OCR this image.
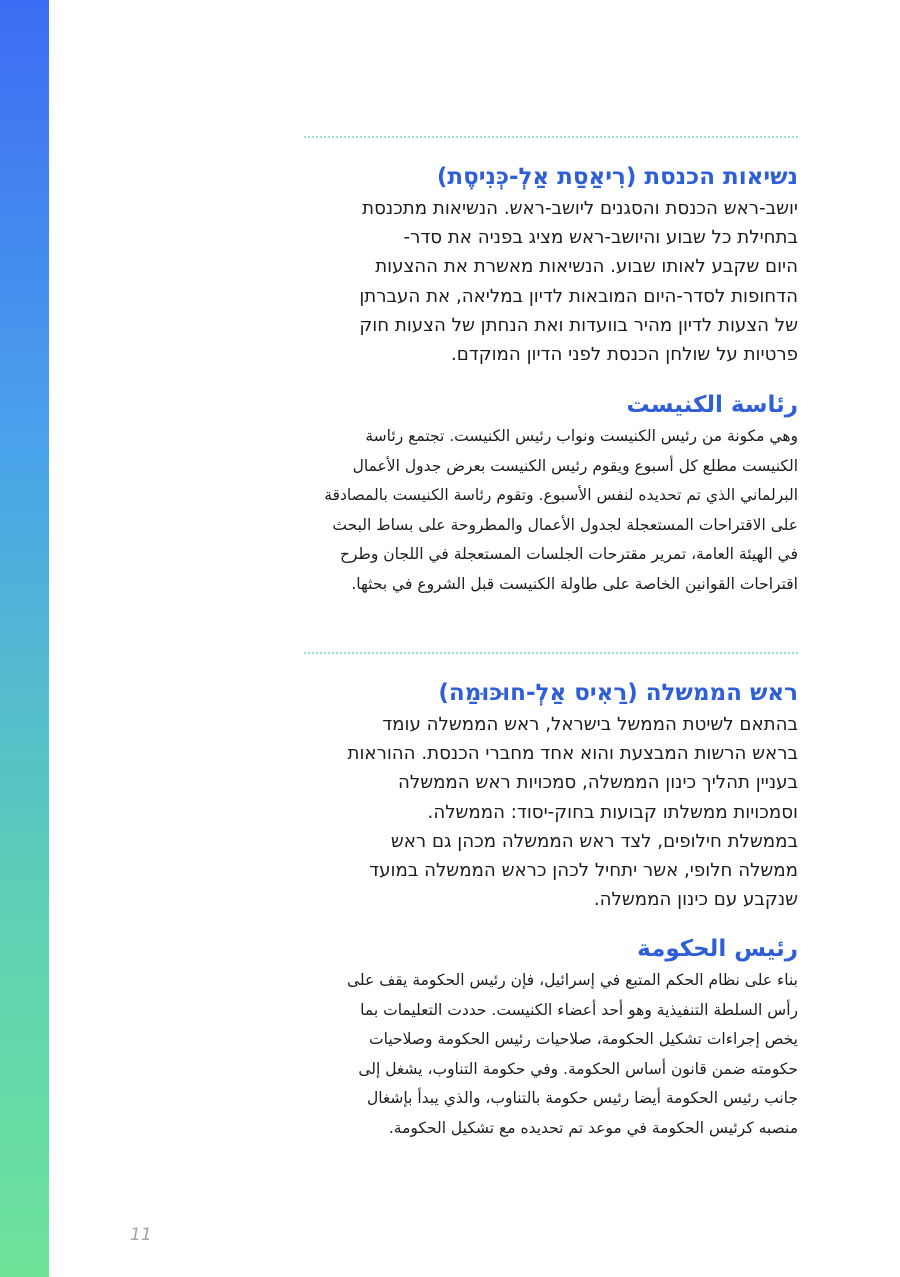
נשיאות הכנסת (רִיאַסַת אַלְ-כְּנִיסֶת)

יושב-ראש הכנסת והסגנים ליושב-ראש. הנשיאות מתכנסת
בתחילת כל שבוע והיושב-ראש מציג בפניה את סדר-
היום שקבע לאותו שבוע. הנשיאות מאשרת את ההצעות
הדחופות לסדר-היום המובאות לדיון במליאה, את העברתן
של הצעות לדיון מהיר בוועדות ואת הנחתן של הצעות חוק
פרטיות על שולחן הכנסת לפני הדיון המוקדם.

رئاسة الكنيست

وهي مكونة من رئيس الكنيست ونواب رئيس الكنيست. تجتمع رئاسة
الكنيست مطلع كل أسبوع ويقوم رئيس الكنيست بعرض جدول الأعمال
البرلماني الذي تم تحديده لنفس الأسبوع. وتقوم رئاسة الكنيست بالمصادقة
على الاقتراحات المستعجلة لجدول الأعمال والمطروحة على بساط البحث
في الهيئة العامة، تمرير مقترحات الجلسات المستعجلة في اللجان وطرح
اقتراحات القوانين الخاصة على طاولة الكنيست قبل الشروع في بحثها.

ראש הממשלה (רַאִיס אַלְ-חוּכּוּמַה)

בהתאם לשיטת הממשל בישראל, ראש הממשלה עומד
בראש הרשות המבצעת והוא אחד מחברי הכנסת. ההוראות
בעניין תהליך כינון הממשלה, סמכויות ראש הממשלה
וסמכויות ממשלתו קבועות בחוק-יסוד: הממשלה.
בממשלת חילופים, לצד ראש הממשלה מכהן גם ראש
ממשלה חלופי, אשר יתחיל לכהן כראש הממשלה במועד
שנקבע עם כינון הממשלה.

رئيس الحكومة

بناء على نظام الحكم المتبع في إسرائيل، فإن رئيس الحكومة يقف على
رأس السلطة التنفيذية وهو أحد أعضاء الكنيست. حددت التعليمات بما
يخص إجراءات تشكيل الحكومة، صلاحيات رئيس الحكومة وصلاحيات
حكومته ضمن قانون أساس الحكومة. وفي حكومة التناوب، يشغل إلى
جانب رئيس الحكومة أيضا رئيس حكومة بالتناوب، والذي يبدأ بإشغال
منصبه كرئيس الحكومة في موعد تم تحديده مع تشكيل الحكومة.

11
